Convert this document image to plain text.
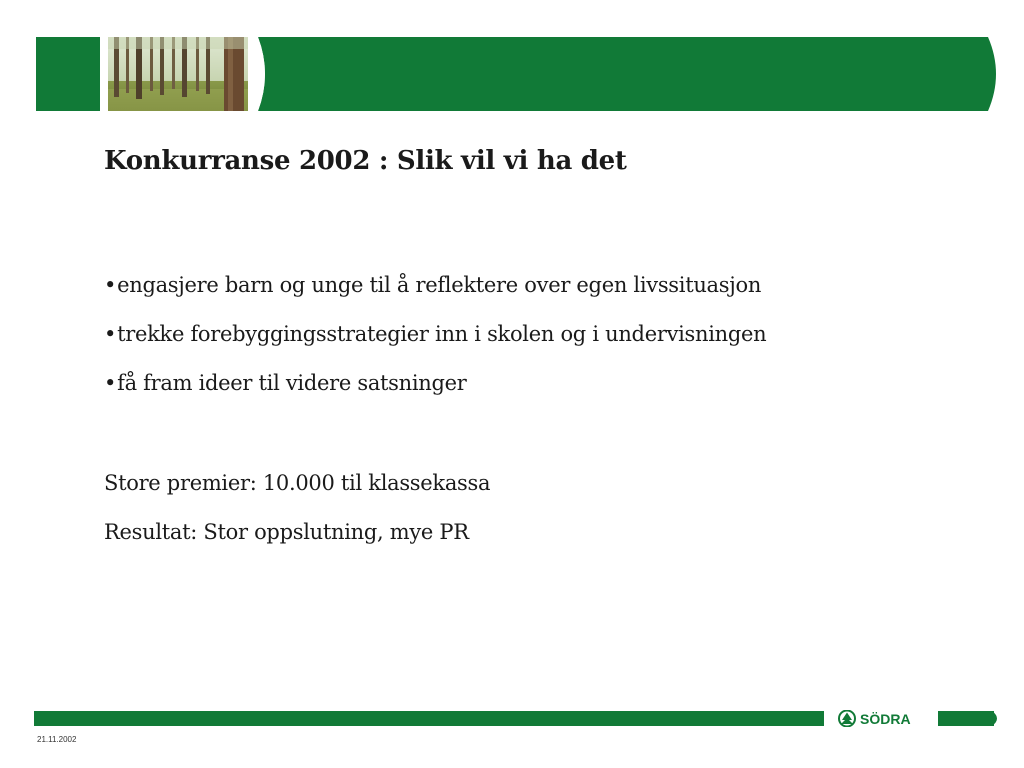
Konkurranse 2002 : Slik vil vi ha det
•engasjere barn og unge til å reflektere over egen livssituasjon
•trekke forebyggingsstrategier inn i skolen og i undervisningen
•få fram ideer til videre satsninger

Store premier: 10.000 til klassekassa

Resultat: Stor oppslutning, mye PR

SÖDRA
21.11.2002
